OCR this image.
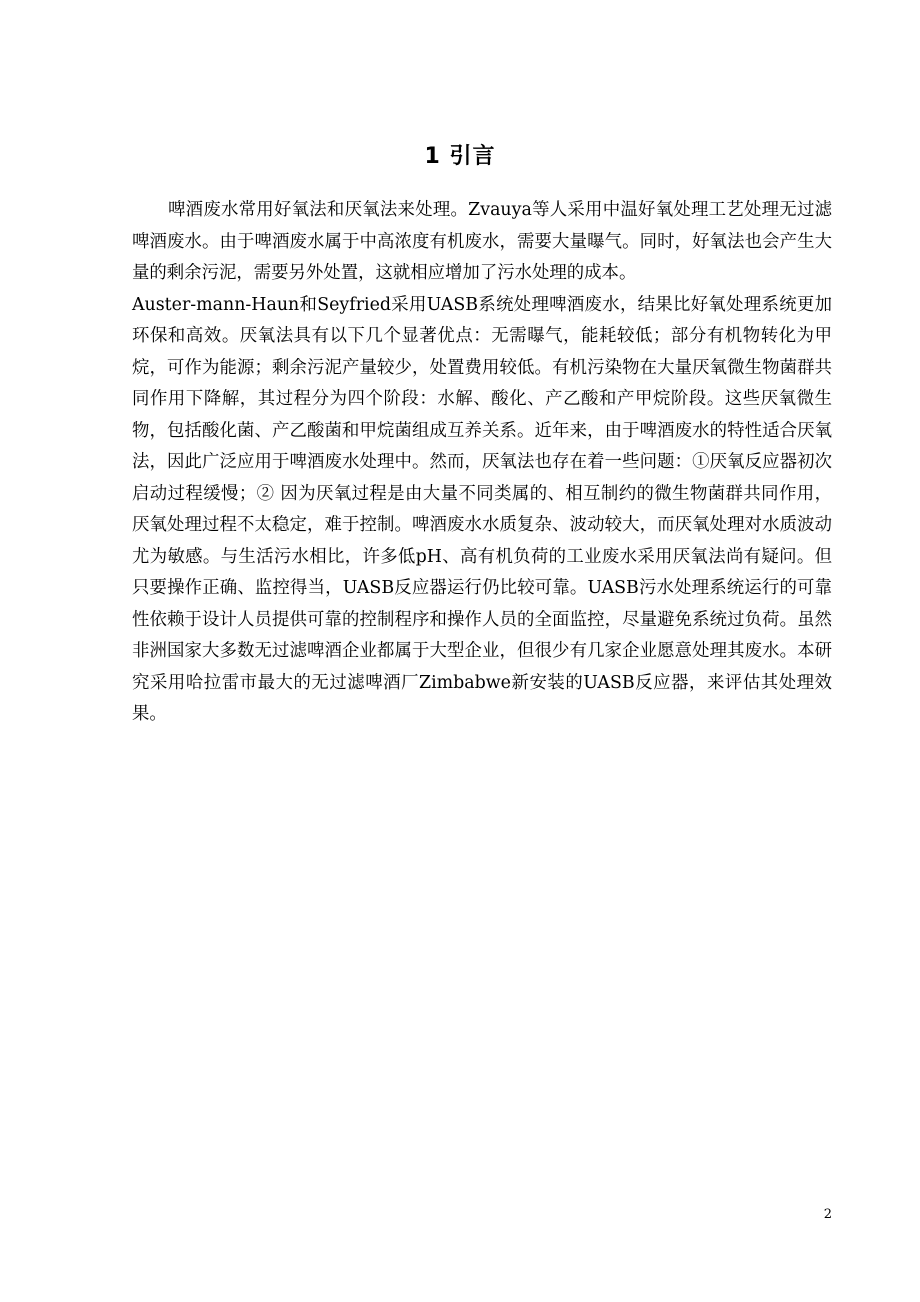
1 引言

啤酒废水常用好氧法和厌氧法来处理。Zvauya等人采用中温好氧处理工艺处理无过滤啤酒废水。由于啤酒废水属于中高浓度有机废水，需要大量曝气。同时，好氧法也会产生大量的剩余污泥，需要另外处置，这就相应增加了污水处理的成本。

Auster-mann-Haun和Seyfried采用UASB系统处理啤酒废水，结果比好氧处理系统更加环保和高效。厌氧法具有以下几个显著优点：无需曝气，能耗较低；部分有机物转化为甲烷，可作为能源；剩余污泥产量较少，处置费用较低。有机污染物在大量厌氧微生物菌群共同作用下降解，其过程分为四个阶段：水解、酸化、产乙酸和产甲烷阶段。这些厌氧微生物，包括酸化菌、产乙酸菌和甲烷菌组成互养关系。近年来，由于啤酒废水的特性适合厌氧法，因此广泛应用于啤酒废水处理中。然而，厌氧法也存在着一些问题：①厌氧反应器初次启动过程缓慢；② 因为厌氧过程是由大量不同类属的、相互制约的微生物菌群共同作用，厌氧处理过程不太稳定，难于控制。啤酒废水水质复杂、波动较大，而厌氧处理对水质波动尤为敏感。与生活污水相比，许多低pH、高有机负荷的工业废水采用厌氧法尚有疑问。但只要操作正确、监控得当，UASB反应器运行仍比较可靠。UASB污水处理系统运行的可靠性依赖于设计人员提供可靠的控制程序和操作人员的全面监控，尽量避免系统过负荷。虽然非洲国家大多数无过滤啤酒企业都属于大型企业，但很少有几家企业愿意处理其废水。本研究采用哈拉雷市最大的无过滤啤酒厂Zimbabwe新安装的UASB反应器，来评估其处理效果。

2
